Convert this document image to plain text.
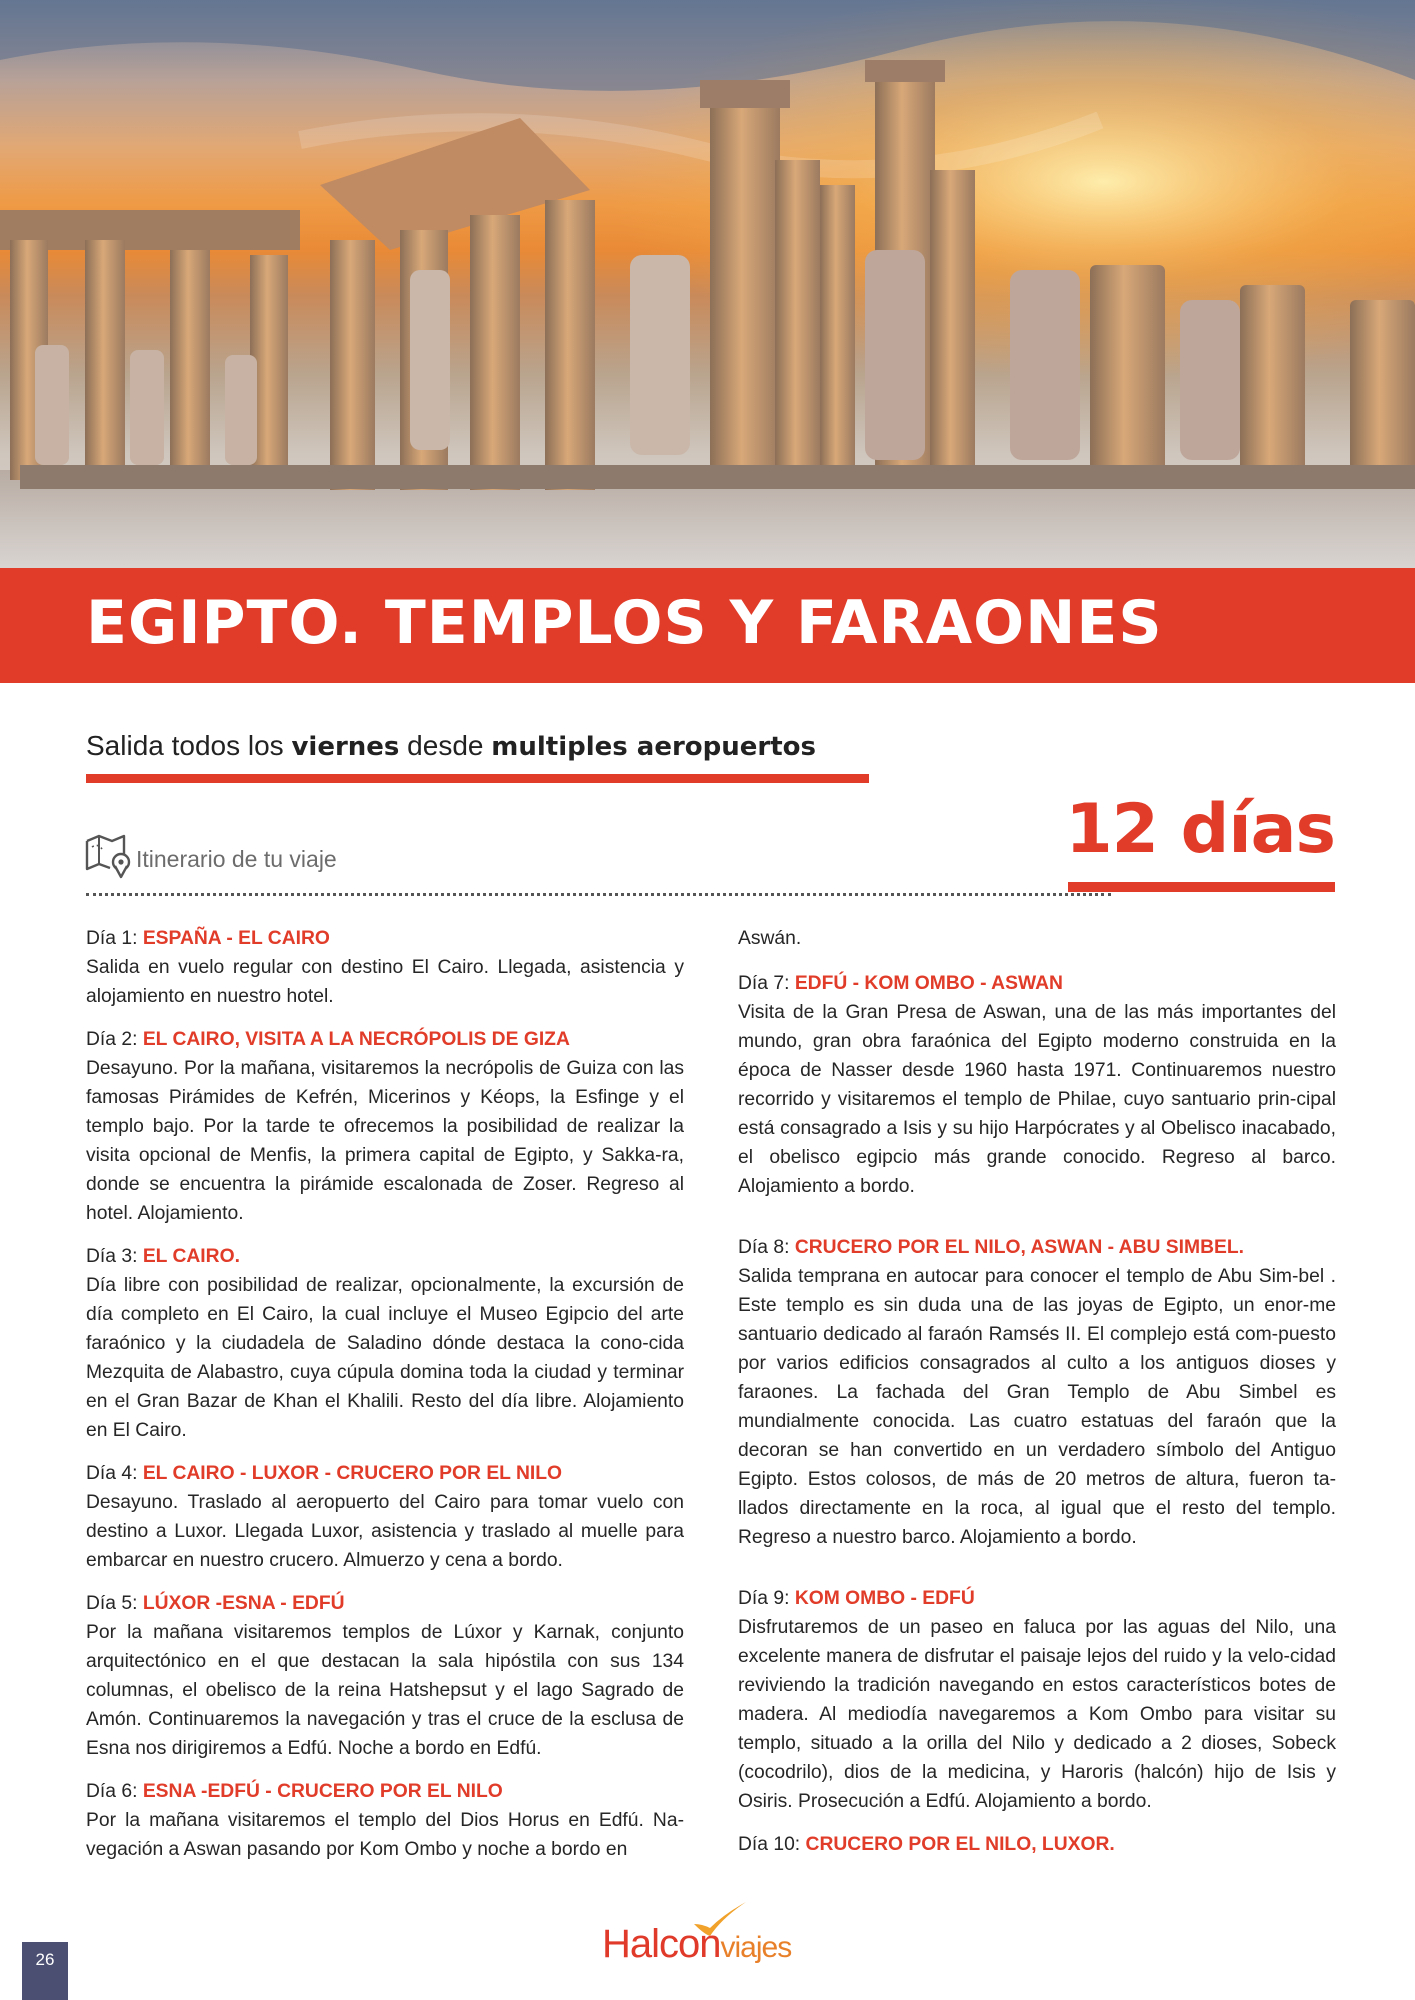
EGIPTO. TEMPLOS Y FARAONES
Salida todos los viernes desde multiples aeropuertos
Itinerario de tu viaje	12 días
Día 1: ESPAÑA - EL CAIRO

Salida en vuelo regular con destino El Cairo. Llegada, asistencia y alojamiento en nuestro hotel.

Día 2: EL CAIRO, VISITA A LA NECRÓPOLIS DE GIZA

Desayuno. Por la mañana, visitaremos la necrópolis de Guiza con las famosas Pirámides de Kefrén, Micerinos y Kéops, la Esfinge y el templo bajo. Por la tarde te ofrecemos la posibilidad de realizar la visita opcional de Menfis, la primera capital de Egipto, y Sakka-ra, donde se encuentra la pirámide escalonada de Zoser. Regreso al hotel. Alojamiento.

Día 3: EL CAIRO.

Día libre con posibilidad de realizar, opcionalmente, la excursión de día completo en El Cairo, la cual incluye el Museo Egipcio del arte faraónico y la ciudadela de Saladino dónde destaca la cono-cida Mezquita de Alabastro, cuya cúpula domina toda la ciudad y terminar en el Gran Bazar de Khan el Khalili. Resto del día libre. Alojamiento en El Cairo.

Día 4: EL CAIRO - LUXOR - CRUCERO POR EL NILO

Desayuno. Traslado al aeropuerto del Cairo para tomar vuelo con destino a Luxor. Llegada Luxor, asistencia y traslado al muelle para embarcar en nuestro crucero. Almuerzo y cena a bordo.

Día 5: LÚXOR -ESNA - EDFÚ

Por la mañana visitaremos templos de Lúxor y Karnak, conjunto arquitectónico en el que destacan la sala hipóstila con sus 134 columnas, el obelisco de la reina Hatshepsut y el lago Sagrado de Amón. Continuaremos la navegación y tras el cruce de la esclusa de Esna nos dirigiremos a Edfú. Noche a bordo en Edfú.

Día 6: ESNA -EDFÚ - CRUCERO POR EL NILO

Por la mañana visitaremos el templo del Dios Horus en Edfú. Na-vegación a Aswan pasando por Kom Ombo y noche a bordo en

Aswán.

Día 7: EDFÚ - KOM OMBO - ASWAN

Visita de la Gran Presa de Aswan, una de las más importantes del mundo, gran obra faraónica del Egipto moderno construida en la época de Nasser desde 1960 hasta 1971. Continuaremos nuestro recorrido y visitaremos el templo de Philae, cuyo santuario prin-cipal está consagrado a Isis y su hijo Harpócrates y al Obelisco inacabado, el obelisco egipcio más grande conocido. Regreso al barco. Alojamiento a bordo.

Día 8: CRUCERO POR EL NILO, ASWAN - ABU SIMBEL.

Salida temprana en autocar para conocer el templo de Abu Sim-bel . Este templo es sin duda una de las joyas de Egipto, un enor-me santuario dedicado al faraón Ramsés II. El complejo está com-puesto por varios edificios consagrados al culto a los antiguos dioses y faraones. La fachada del Gran Templo de Abu Simbel es mundialmente conocida. Las cuatro estatuas del faraón que la decoran se han convertido en un verdadero símbolo del Antiguo Egipto. Estos colosos, de más de 20 metros de altura, fueron ta-llados directamente en la roca, al igual que el resto del templo. Regreso a nuestro barco. Alojamiento a bordo.

Día 9: KOM OMBO - EDFÚ

Disfrutaremos de un paseo en faluca por las aguas del Nilo, una excelente manera de disfrutar el paisaje lejos del ruido y la velo-cidad reviviendo la tradición navegando en estos característicos botes de madera. Al mediodía navegaremos a Kom Ombo para visitar su templo, situado a la orilla del Nilo y dedicado a 2 dioses, Sobeck (cocodrilo), dios de la medicina, y Haroris (halcón) hijo de Isis y Osiris. Prosecución a Edfú. Alojamiento a bordo.

Día 10: CRUCERO POR EL NILO, LUXOR.
26	Halconviajes
